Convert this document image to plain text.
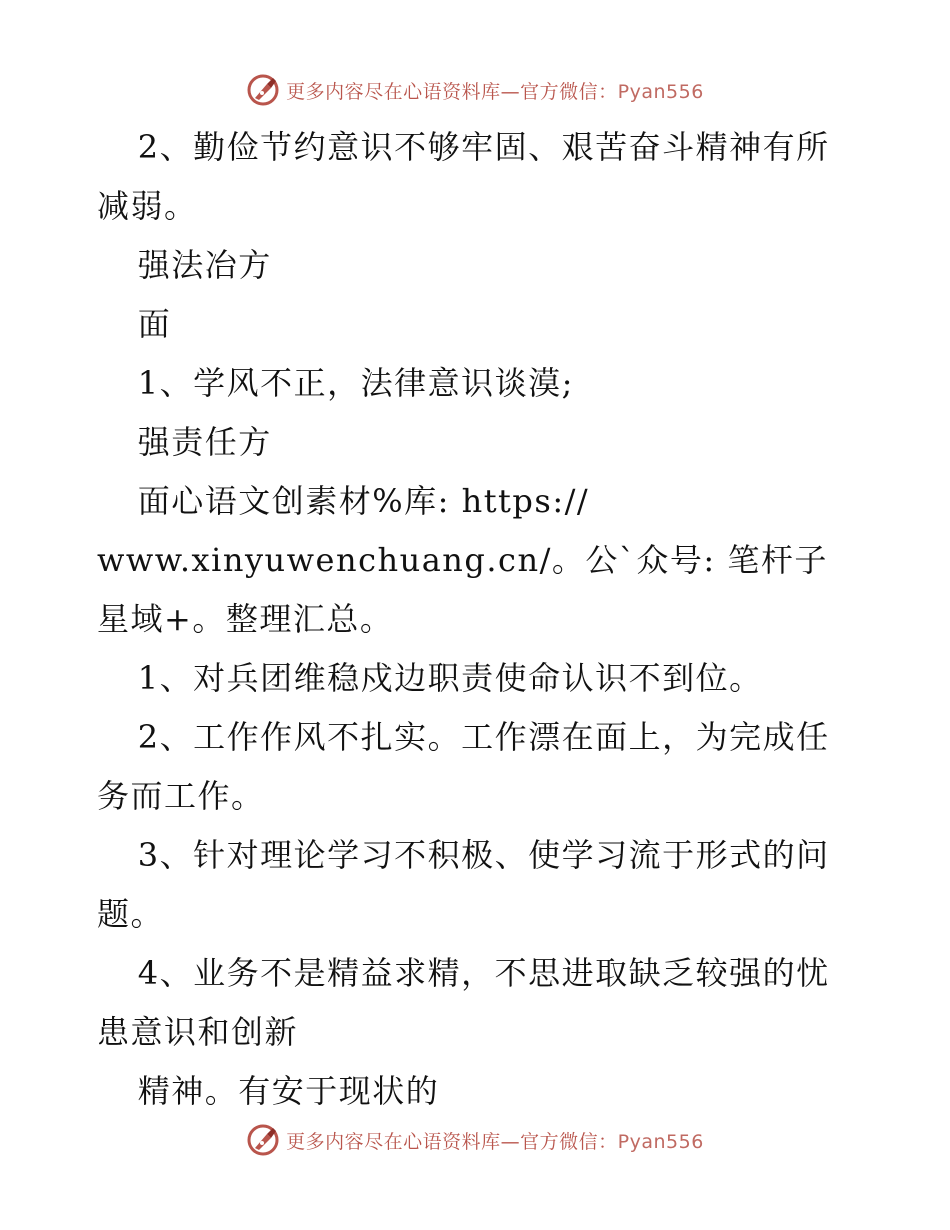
更多内容尽在心语资料库—官方微信：Pyan556

2、勤俭节约意识不够牢固、艰苦奋斗精神有所减弱。

强法冶方

面

1、学风不正，法律意识谈漠;

强责任方

面心语文创素材%库: https://

www.xinyuwenchuang.cn/。公`众号: 笔杆子星域+。整理汇总。

1、对兵团维稳戍边职责使命认识不到位。

2、工作作风不扎实。工作漂在面上，为完成任务而工作。

3、针对理论学习不积极、使学习流于形式的问题。

4、业务不是精益求精，不思进取缺乏较强的忧患意识和创新

精神。有安于现状的

更多内容尽在心语资料库—官方微信：Pyan556
